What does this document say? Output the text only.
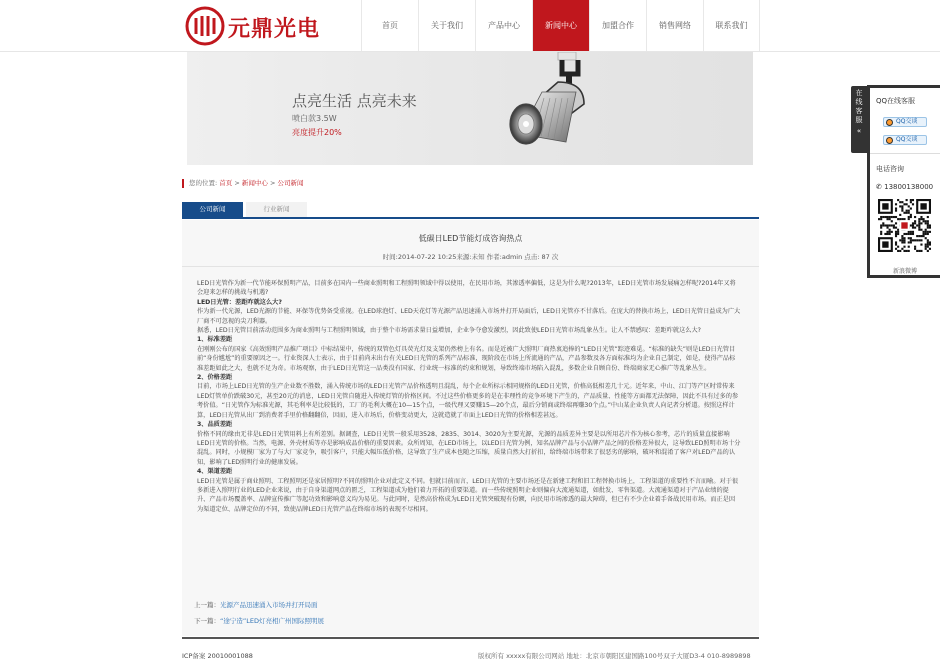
元鼎光电	首页	关于我们	产品中心	新闻中心	加盟合作	销售网络	联系我们
点亮生活 点亮未来
喷白款3.5W
亮度提升20%
您的位置: 首页 > 新闻中心 > 公司新闻
公司新闻	行业新闻
低碳日LED节能灯成咨询热点
时间:2014-07-22 10:25来源:未知 作者:admin 点击: 87 次

LED日光管作为新一代节能环保照明产品，目前多在国内一些商业照明和工程照明领域中得以使用，在民用市场，其渗透率偏低，这是为什么呢?2013年，LED日光管市场发展痛怎样呢?2014年又将会迎来怎样的挑战与机遇?

LED日光管：差距咋就这么大?

作为新一代光源，LED光源的节能、环保等优势备受重视。在LED球泡灯、LED天花灯等光源产品迅速涌入市场并打开局面后，LED日光管亦不甘落后。在庞大的替换市场上，LED日光管日益成为广大厂商不可忽视的尖刀利器。

据悉，LED日光管目前活动范围多为商业照明与工程照明领域，由于整个市场需求量日益增加，企业争夺愈发激烈，因此致使LED日光管市场乱象丛生。让人不禁感叹：差距咋就这么大?

1、标准差距

在刚刚公布的国家《高效照明产品推广项目》中标结果中，传统的双管色灯具荧光灯及支架仍然榜上有名。而是近被广大照明厂商热衷追捧的“LED日光管”踪迹难觅。“标准的缺失”则是LED日光管目前“身份尴尬”的重要原因之一。行业资深人士表示，由于目前尚未出台有关LED日光管的系列产品标准，现阶段在市场上所流通的产品，产品参数及各方面标准均为企业自己制定，如是，使得产品标准差距如此之大，也就不足为奇。市场观察，由于LED日光管这一品类没有国家、行业统一标准的约束和规划，导致终端市场陷入混乱，多数企业自顾自份、终端商家无心推广等乱象丛生。

2、价格差距

目前，市场上LED日光管的生产企业数不胜数，涌入传统市场的LED日光管产品价格透明且混乱，每个企业所标示相同规格的LED日光管，价格高低相差几十元。近年来，中山、江门等产区时常传来LED灯管单价跌破30元，甚至20元的消息，LED日光管自随进入传统灯管的价格区间。不过这些价格更多的是在非理性的竞争环境下产生的，产品质量、性能等方面都无法保障，因此不具有过多的参考价值。“日光管作为标准光源，其毛利率是比较低的，工厂的毛利大概在10—15个点，一级代理又要赚15—20个点，最后分销商或终端再赚30个点。”中山某企业负责人向记者分析道。按照这样计算，LED日光管从出厂到消费者手里价格翻翻倍，因而，进入市场后，价格变动更大，这就造就了市面上LED日光管的价格相差甚远。

3、品质差距

价格不同的缘由无非是LED日光管用料上有所差别。据调查，LED日光管一般采用3528、2835、3014、3020为主要光源，光源的品质差异主要是以所用芯片作为核心参考，芯片的质量直接影响LED日光管的价格。当然，电源、外壳材质等亦是影响成品价格的重要因素。众所周知，在LED市场上，以LED日光管为例，知名品牌产品与小品牌产品之间的价格差异很大，这导致LED照明市场十分混乱。同时，小规模厂家为了与大厂家竞争，吸引客户，只能大幅压低价格，这导致了生产成本也随之压缩，质量自然大打折扣，给终端市场带来了很恶劣的影响，破坏和混淆了客户对LED产品的认知，影响了LED照明行业的健康发展。

4、渠道差距

LED日光管是属于商业照明、工程照明还是家居照明?不同的照明企业对此定义不同。但就目前而言，LED日光管的主要市场还是在新建工程和旧工程替换市场上，工程渠道的重要性不言而喻。对于很多新进入照明行业的LED企业来说，由于自身渠道网点的匮乏，工程渠道成为他们着力开拓的重要渠道。而一些传统照明企业则偏向大流通渠道，如批发、零售渠道。大流通渠道对于产品业绩的提升、产品市场覆盖率、品牌宣传推广等起功效和影响意义均为易见。与此同时，是然高价格成为LED日光管突破现有份额，向民用市场渗透的最大障碍，但已有不少企业着手备战民用市场。而正是因为渠道定位、品牌定位的不同，致使品牌LED日光管产品在终端市场的表现不尽相同。

上一篇：光源产品迅速涌入市场并打开局面
下一篇：“途宁造”LED灯亮相广州国际照明展
ICP备案 20010001088	版权所有 xxxxx有限公司网站 地址：北京市朝阳区建国路100号双子大厦D3-4 010-8989898
在
线
客
服
«
QQ在线客服
QQ交谈
QQ交谈
电话咨询
✆ 13800138000
新浪微博
